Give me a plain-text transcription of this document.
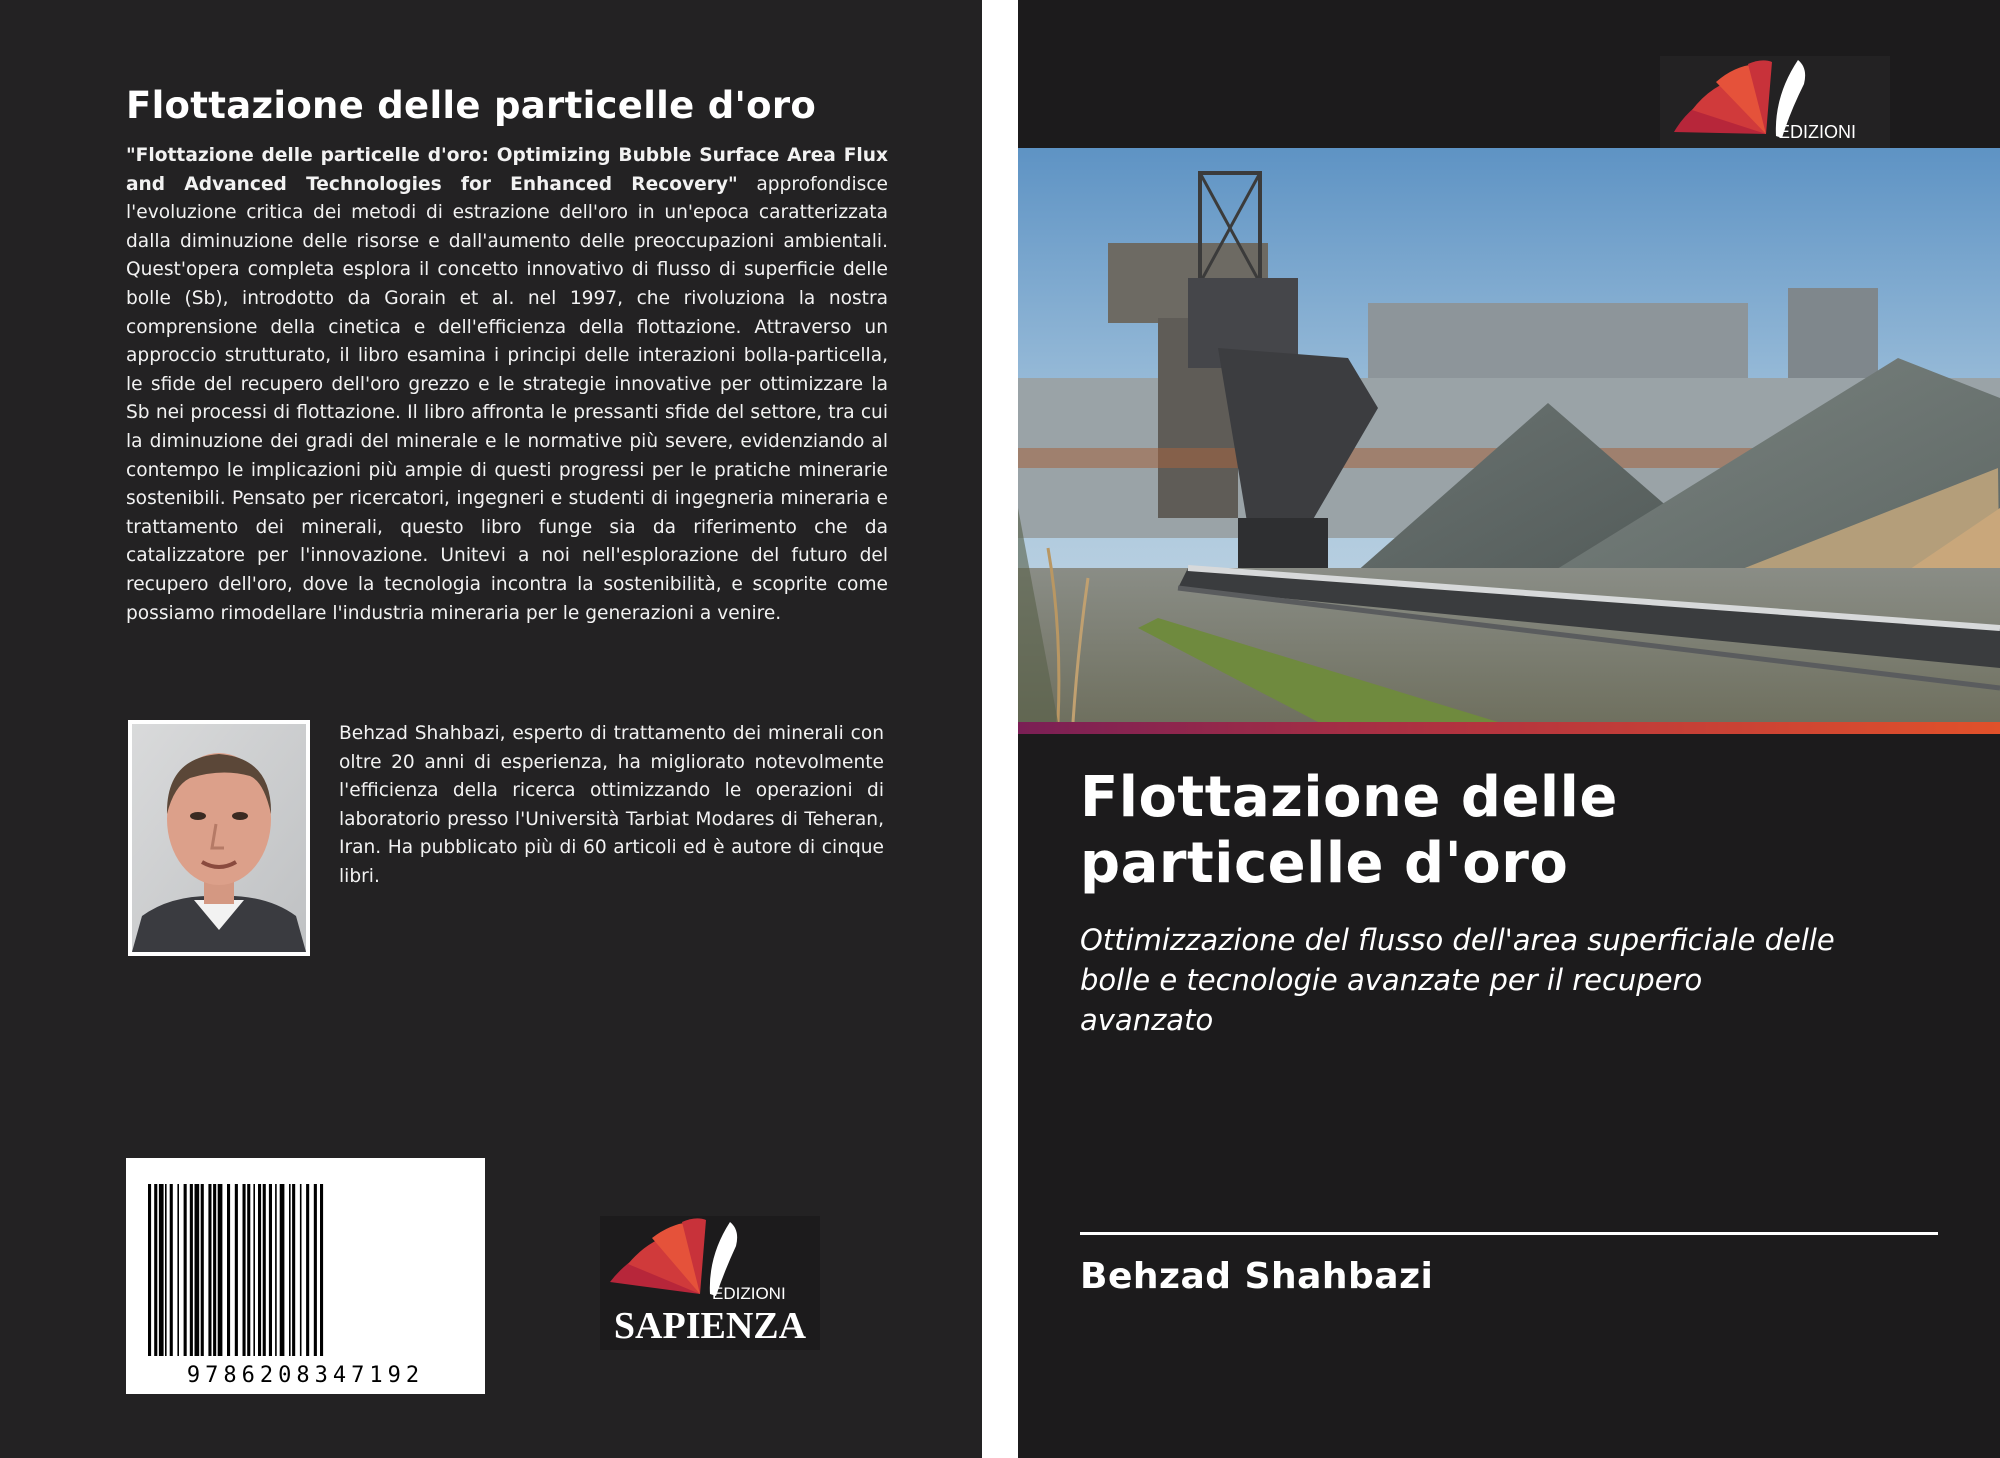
Flottazione delle particelle d'oro
"Flottazione delle particelle d'oro: Optimizing Bubble Surface Area Flux and Advanced Technologies for Enhanced Recovery" approfondisce l'evoluzione critica dei metodi di estrazione dell'oro in un'epoca caratterizzata dalla diminuzione delle risorse e dall'aumento delle preoccupazioni ambientali. Quest'opera completa esplora il concetto innovativo di flusso di superficie delle bolle (Sb), introdotto da Gorain et al. nel 1997, che rivoluziona la nostra comprensione della cinetica e dell'efficienza della flottazione. Attraverso un approccio strutturato, il libro esamina i principi delle interazioni bolla-particella, le sfide del recupero dell'oro grezzo e le strategie innovative per ottimizzare la Sb nei processi di flottazione. Il libro affronta le pressanti sfide del settore, tra cui la diminuzione dei gradi del minerale e le normative più severe, evidenziando al contempo le implicazioni più ampie di questi progressi per le pratiche minerarie sostenibili. Pensato per ricercatori, ingegneri e studenti di ingegneria mineraria e trattamento dei minerali, questo libro funge sia da riferimento che da catalizzatore per l'innovazione. Unitevi a noi nell'esplorazione del futuro del recupero dell'oro, dove la tecnologia incontra la sostenibilità, e scoprite come possiamo rimodellare l'industria mineraria per le generazioni a venire.
Behzad Shahbazi, esperto di trattamento dei minerali con oltre 20 anni di esperienza, ha migliorato notevolmente l'efficienza della ricerca ottimizzando le operazioni di laboratorio presso l'Università Tarbiat Modares di Teheran, Iran. Ha pubblicato più di 60 articoli ed è autore di cinque libri.
9786208347192
EDIZIONI
SAPIENZA
EDIZIONI
Flottazione delle particelle d'oro
Ottimizzazione del flusso dell'area superficiale delle bolle e tecnologie avanzate per il recupero avanzato
Behzad Shahbazi
